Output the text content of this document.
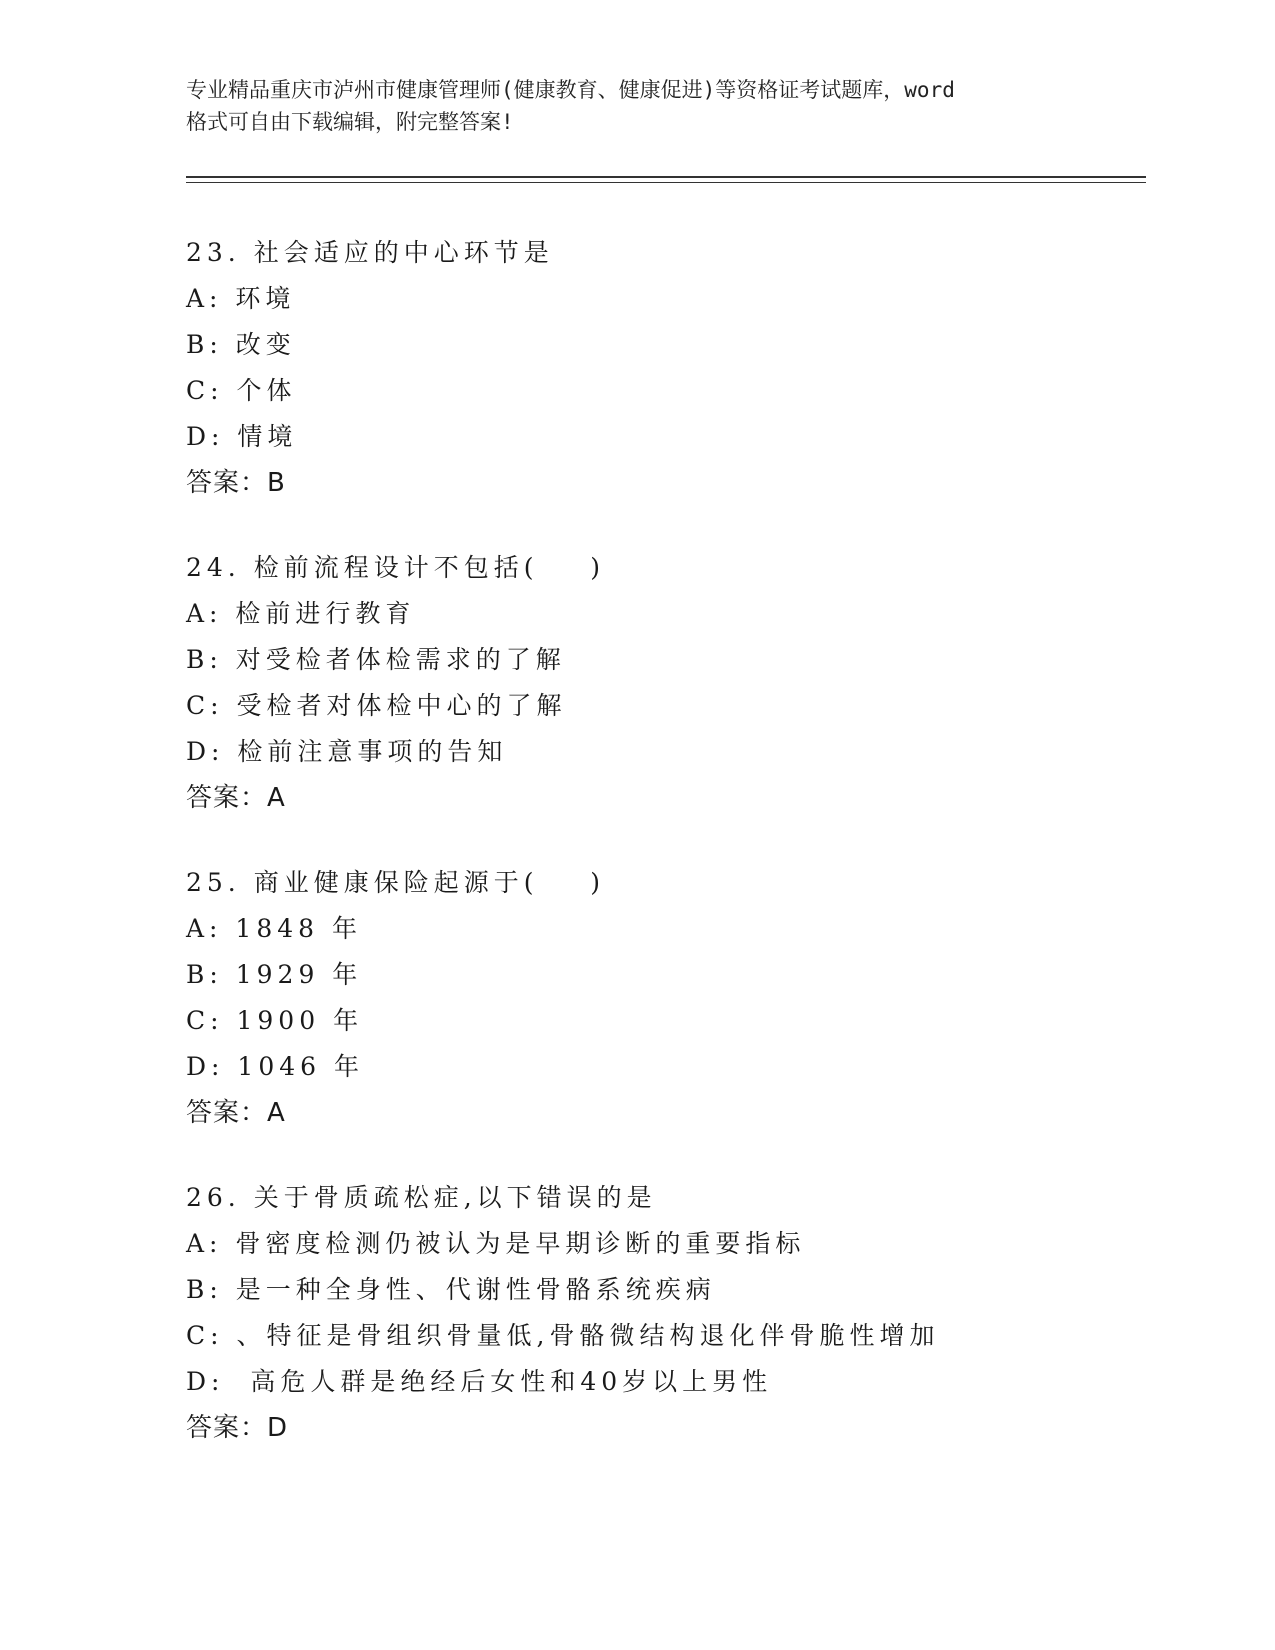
专业精品重庆市泸州市健康管理师(健康教育、健康促进)等资格证考试题库，word
格式可自由下载编辑，附完整答案!
23. 社会适应的中心环节是
A: 环境
B: 改变
C: 个体
D: 情境
答案：B
24. 检前流程设计不包括(    )
A: 检前进行教育
B: 对受检者体检需求的了解
C: 受检者对体检中心的了解
D: 检前注意事项的告知
答案：A
25. 商业健康保险起源于(    )
A: 1848 年
B: 1929 年
C: 1900 年
D: 1046 年
答案：A
26. 关于骨质疏松症,以下错误的是
A: 骨密度检测仍被认为是早期诊断的重要指标
B: 是一种全身性、代谢性骨骼系统疾病
C: 、特征是骨组织骨量低,骨骼微结构退化伴骨脆性增加
D:  高危人群是绝经后女性和40岁以上男性
答案：D
